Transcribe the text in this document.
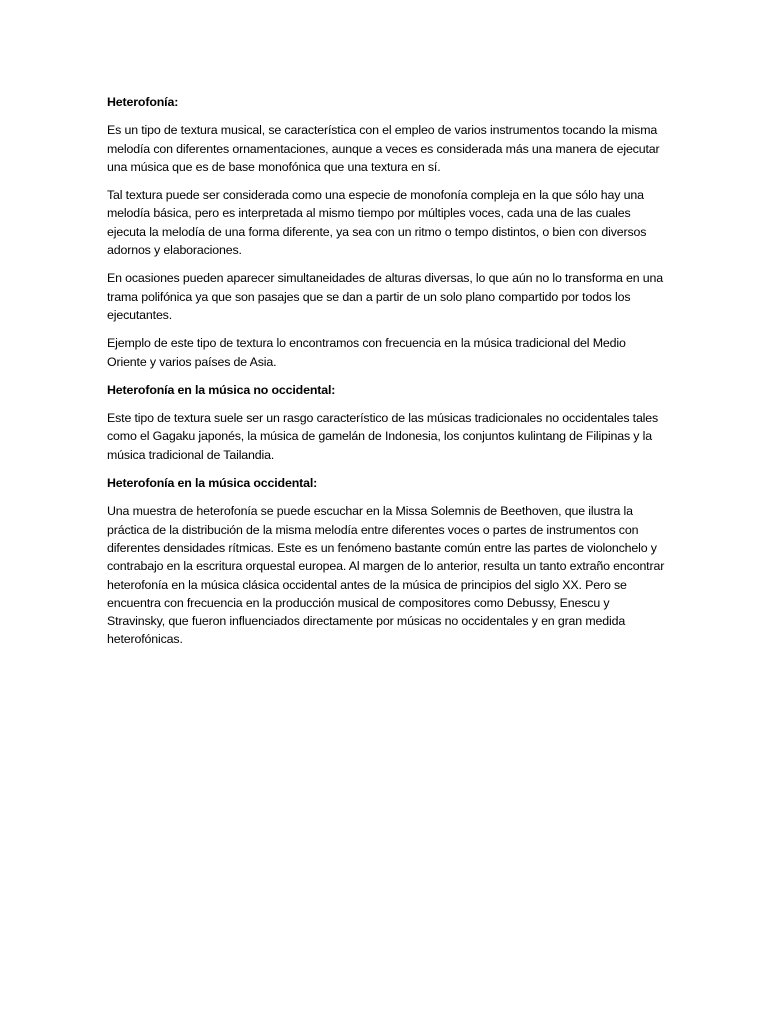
Heterofonía:
Es un tipo de textura musical, se característica con el empleo de varios instrumentos tocando la misma melodía con diferentes ornamentaciones, aunque a veces es considerada más una manera de ejecutar una música que es de base monofónica que una textura en sí.
Tal textura puede ser considerada como una especie de monofonía compleja en la que sólo hay una melodía básica, pero es interpretada al mismo tiempo por múltiples voces, cada una de las cuales ejecuta la melodía de una forma diferente, ya sea con un ritmo o tempo distintos, o bien con diversos adornos y elaboraciones.
En ocasiones pueden aparecer simultaneidades de alturas diversas, lo que aún no lo transforma en una trama polifónica ya que son pasajes que se dan a partir de un solo plano compartido por todos los ejecutantes.
Ejemplo de este tipo de textura lo encontramos con frecuencia en la música tradicional del Medio Oriente y varios países de Asia.
Heterofonía en la música no occidental:
Este tipo de textura suele ser un rasgo característico de las músicas tradicionales no occidentales tales como el Gagaku japonés, la música de gamelán de Indonesia, los conjuntos kulintang de Filipinas y la música tradicional de Tailandia.
Heterofonía en la música occidental:
Una muestra de heterofonía se puede escuchar en la Missa Solemnis de Beethoven, que ilustra la práctica de la distribución de la misma melodía entre diferentes voces o partes de instrumentos con diferentes densidades rítmicas. Este es un fenómeno bastante común entre las partes de violonchelo y contrabajo en la escritura orquestal europea. Al margen de lo anterior, resulta un tanto extraño encontrar heterofonía en la música clásica occidental antes de la música de principios del siglo XX. Pero se encuentra con frecuencia en la producción musical de compositores como Debussy, Enescu y Stravinsky, que fueron influenciados directamente por músicas no occidentales y en gran medida heterofónicas.
